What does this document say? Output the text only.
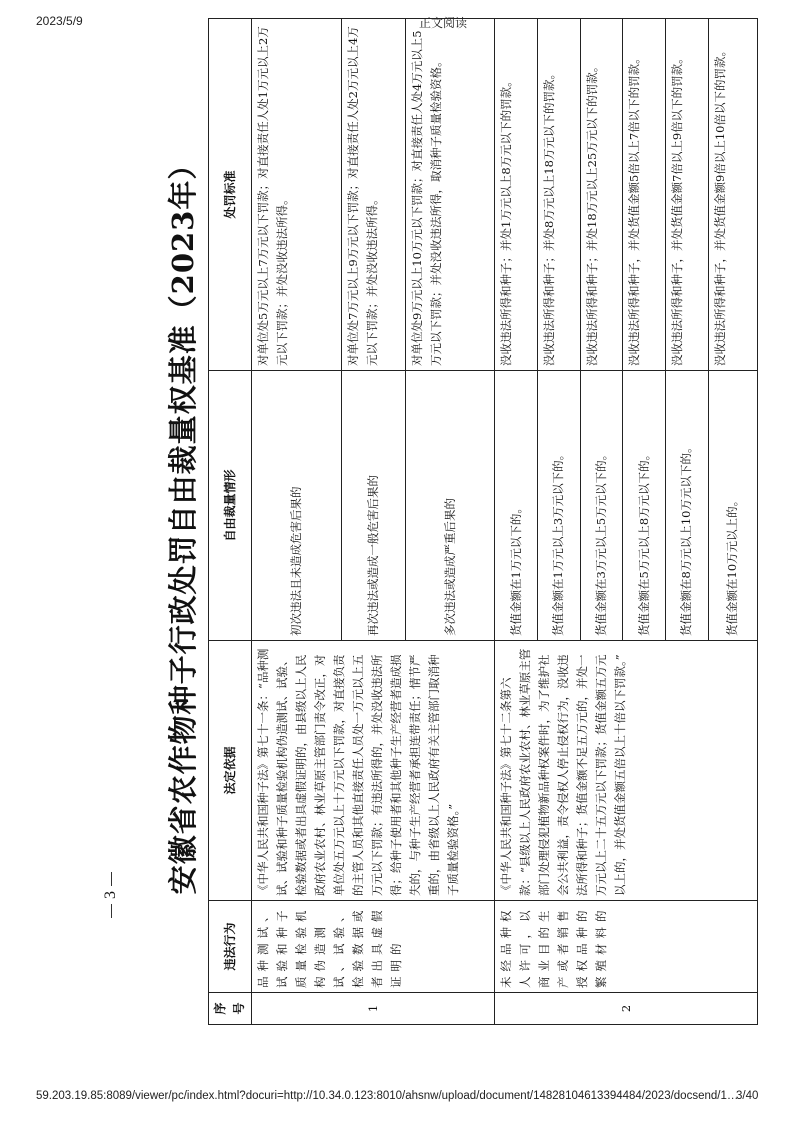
2023/5/9	正文阅读
安徽省农作物种子行政处罚自由裁量权基准（2023年）
序号	违法行为	法定依据	自由裁量情形	处罚标准
1	品种测试、试验和种子质量检验机构伪造测试、试验、检验数据或者出具虚假证明的	《中华人民共和国种子法》第七十一条：“品种测试、试验和种子质量检验机构伪造测试、试验、检验数据或者出具虚假证明的，由县级以上人民政府农业农村、林业草原主管部门责令改正，对单位处五万元以上十万元以下罚款，对直接负责的主管人员和其他直接责任人员处一万元以上五万元以下罚款；有违法所得的，并处没收违法所得；给种子使用者和其他种子生产经营者造成损失的，与种子生产经营者承担连带责任；情节严重的，由省级以上人民政府有关主管部门取消种子质量检验资格。”	初次违法且未造成危害后果的	对单位处5万元以上7万元以下罚款；对直接责任人处1万元以上2万元以下罚款；并处没收违法所得。
			再次违法或造成一般危害后果的	对单位处7万元以上9万元以下罚款；对直接责任人处2万元以上4万元以下罚款；并处没收违法所得。
			多次违法或造成严重后果的	对单位处9万元以上10万元以下罚款；对直接责任人处4万元以上5万元以下罚款；并处没收违法所得，取消种子质量检验资格。
2	未经品种权人许可，以商业目的生产或者销售授权品种的繁殖材料的	《中华人民共和国种子法》第七十二条第六款：“县级以上人民政府农业农村、林业草原主管部门处理侵犯植物新品种权案件时，为了维护社会公共利益，责令侵权人停止侵权行为，没收违法所得和种子；货值金额不足五万元的，并处一万元以上二十五万元以下罚款；货值金额五万元以上的，并处货值金额五倍以上十倍以下罚款。”	货值金额在1万元以下的。	没收违法所得和种子；并处1万元以上8万元以下的罚款。
			货值金额在1万元以上3万元以下的。	没收违法所得和种子；并处8万元以上18万元以下的罚款。
			货值金额在3万元以上5万元以下的。	没收违法所得和种子；并处18万元以上25万元以下的罚款。
			货值金额在5万元以上8万元以下的。	没收违法所得和种子，并处货值金额5倍以上7倍以下的罚款。
			货值金额在8万元以上10万元以下的。	没收违法所得和种子，并处货值金额7倍以上9倍以下的罚款。
			货值金额在10万元以上的。	没收违法所得和种子，并处货值金额9倍以上10倍以下的罚款。
3
59.203.19.85:8089/viewer/pc/index.html?docuri=http://10.34.0.123:8010/ahsnw/upload/document/14828104613394484/2023/docsend/1…
3/40
